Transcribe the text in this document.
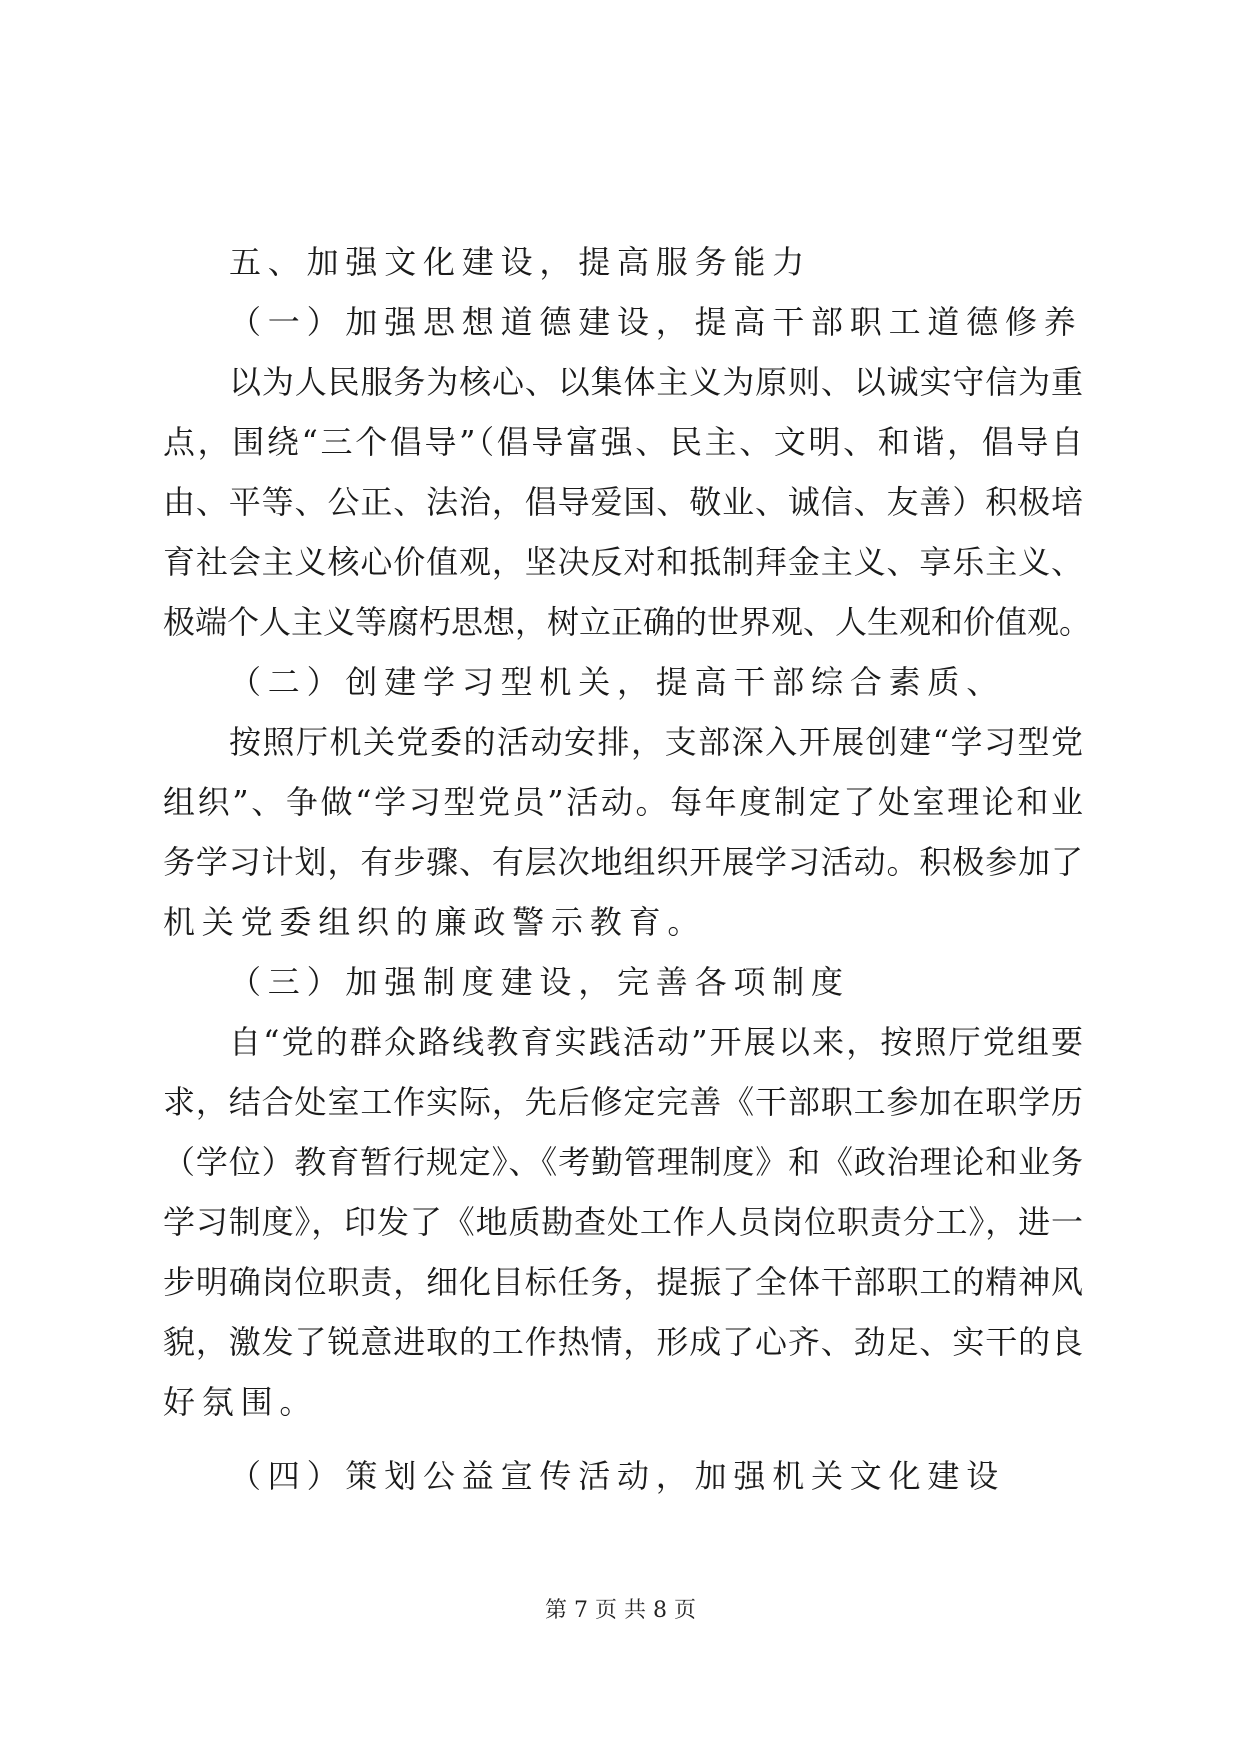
五、加强文化建设，提高服务能力
（一）加强思想道德建设，提高干部职工道德修养
以为人民服务为核心、以集体主义为原则、以诚实守信为重
点，围绕“三个倡导”（倡导富强、民主、文明、和谐，倡导自
由、平等、公正、法治，倡导爱国、敬业、诚信、友善）积极培
育社会主义核心价值观，坚决反对和抵制拜金主义、享乐主义、
极端个人主义等腐朽思想，树立正确的世界观、人生观和价值观。
（二）创建学习型机关，提高干部综合素质、
按照厅机关党委的活动安排，支部深入开展创建“学习型党
组织”、争做“学习型党员”活动。每年度制定了处室理论和业
务学习计划，有步骤、有层次地组织开展学习活动。积极参加了
机关党委组织的廉政警示教育。
（三）加强制度建设，完善各项制度
自“党的群众路线教育实践活动”开展以来，按照厅党组要
求，结合处室工作实际，先后修定完善《干部职工参加在职学历
（学位）教育暂行规定》、《考勤管理制度》和《政治理论和业务
学习制度》，印发了《地质勘查处工作人员岗位职责分工》，进一
步明确岗位职责，细化目标任务，提振了全体干部职工的精神风
貌，激发了锐意进取的工作热情，形成了心齐、劲足、实干的良
好氛围。
（四）策划公益宣传活动，加强机关文化建设
第 7 页 共 8 页
